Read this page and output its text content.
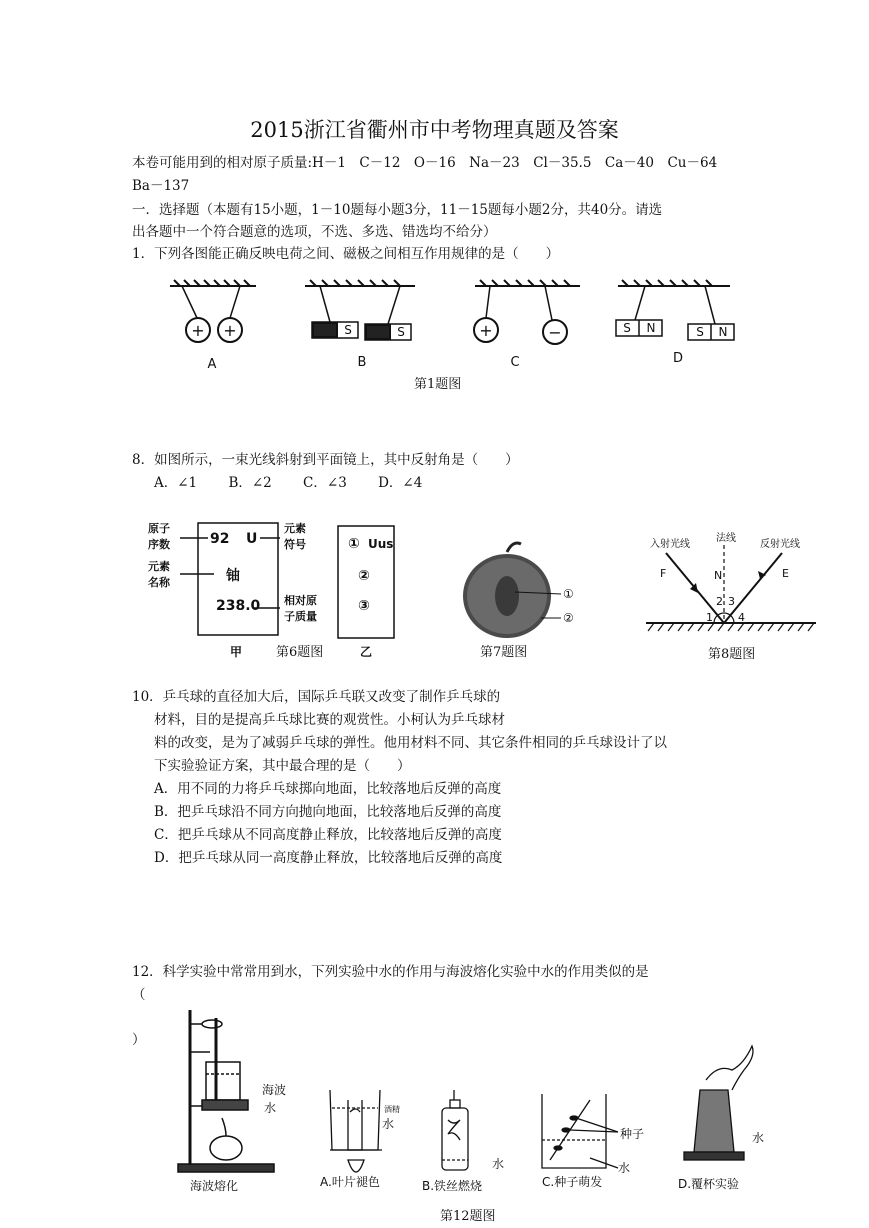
2015浙江省衢州市中考物理真题及答案
本卷可能用到的相对原子质量:H－1　C－12　O－16　Na－23　Cl－35.5　Ca－40　Cu－64
Ba－137
一．选择题（本题有15小题，1－10题每小题3分，11－15题每小题2分，共40分。请选
出各题中一个符合题意的选项，不选、多选、错选均不给分）
1．下列各图能正确反映电荷之间、磁极之间相互作用规律的是（　　）
+ +	+	−
S	S	S N	S N
A	B	C	D
第1题图
8．如图所示，一束光线斜射到平面镜上，其中反射角是（　　）
A．∠1　　 B．∠2　　 C．∠3　　 D．∠4
原子
序数
元素
名称
元素
符号
相对原
子质量
92 U
铀
238.0
① Uus
②
③
甲	乙
第6题图
①
②
第7题图
入射光线
法线
反射光线
F	N	E
1
2 3
4
第8题图
10．乒乓球的直径加大后，国际乒乓联又改变了制作乒乓球的
材料，目的是提高乒乓球比赛的观赏性。小柯认为乒乓球材
料的改变，是为了减弱乒乓球的弹性。他用材料不同、其它条件相同的乒乓球设计了以
下实验验证方案，其中最合理的是（　　）
A．用不同的力将乒乓球掷向地面，比较落地后反弹的高度
B．把乒乓球沿不同方向抛向地面，比较落地后反弹的高度
C．把乒乓球从不同高度静止释放，比较落地后反弹的高度
D．把乒乓球从同一高度静止释放，比较落地后反弹的高度
12．科学实验中常常用到水，下列实验中水的作用与海波熔化实验中水的作用类似的是
（
）
海波
水	酒精
水
水
种子
水
水
海波熔化	A.叶片褪色	B.铁丝燃烧	C.种子萌发	D.覆杯实验
第12题图
